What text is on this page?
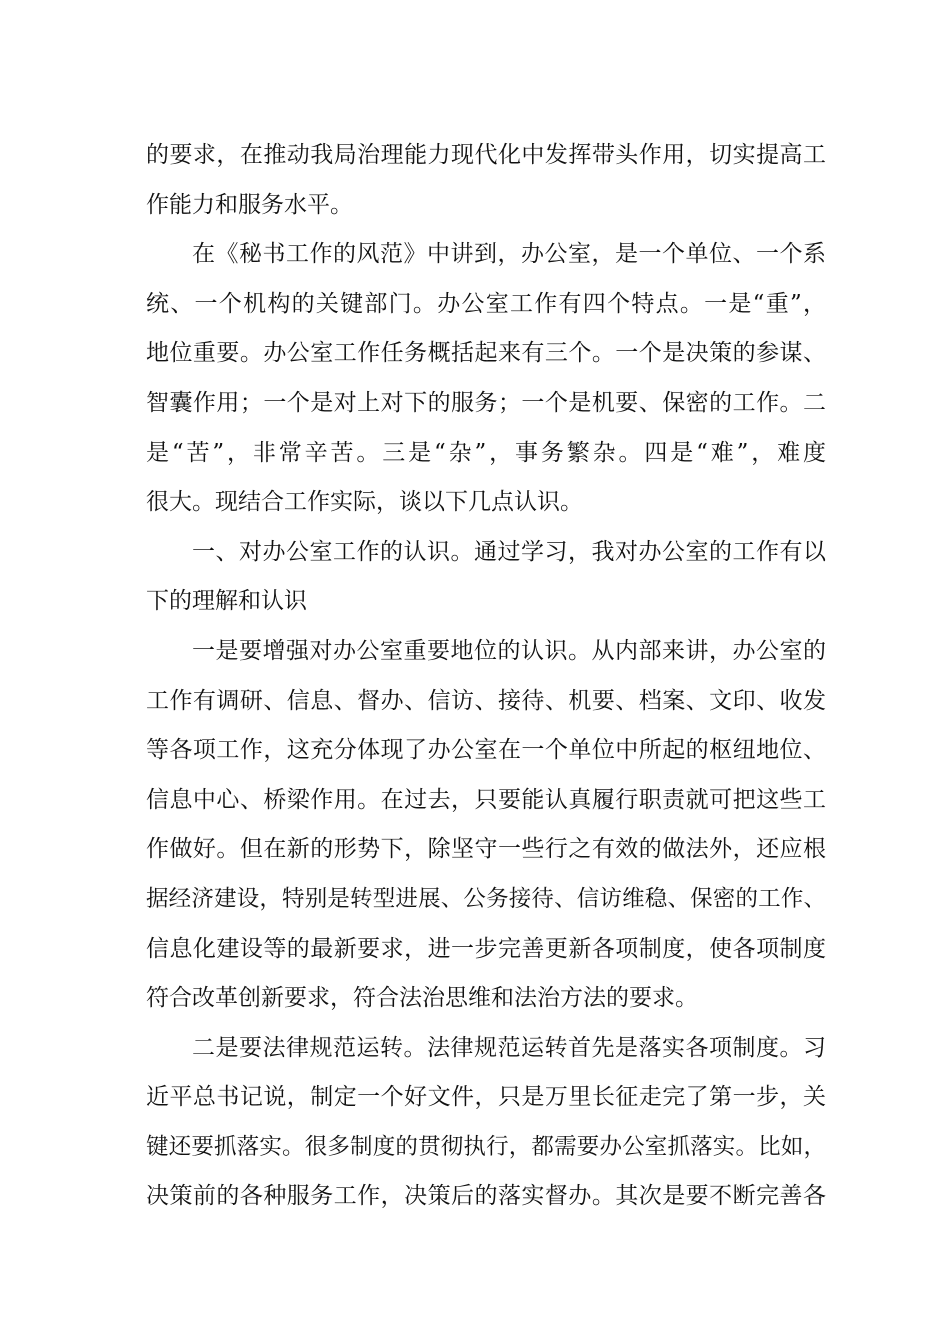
的要求，在推动我局治理能力现代化中发挥带头作用，切实提高工
作能力和服务水平。
在《秘书工作的风范》中讲到，办公室，是一个单位、一个系
统、一个机构的关键部门。办公室工作有四个特点。一是“重”，
地位重要。办公室工作任务概括起来有三个。一个是决策的参谋、
智囊作用；一个是对上对下的服务；一个是机要、保密的工作。二
是“苦”，非常辛苦。三是“杂”，事务繁杂。四是“难”，难度
很大。现结合工作实际，谈以下几点认识。
一、对办公室工作的认识。通过学习，我对办公室的工作有以
下的理解和认识
一是要增强对办公室重要地位的认识。从内部来讲，办公室的
工作有调研、信息、督办、信访、接待、机要、档案、文印、收发
等各项工作，这充分体现了办公室在一个单位中所起的枢纽地位、
信息中心、桥梁作用。在过去，只要能认真履行职责就可把这些工
作做好。但在新的形势下，除坚守一些行之有效的做法外，还应根
据经济建设，特别是转型进展、公务接待、信访维稳、保密的工作、
信息化建设等的最新要求，进一步完善更新各项制度，使各项制度
符合改革创新要求，符合法治思维和法治方法的要求。
二是要法律规范运转。法律规范运转首先是落实各项制度。习
近平总书记说，制定一个好文件，只是万里长征走完了第一步，关
键还要抓落实。很多制度的贯彻执行，都需要办公室抓落实。比如，
决策前的各种服务工作，决策后的落实督办。其次是要不断完善各
